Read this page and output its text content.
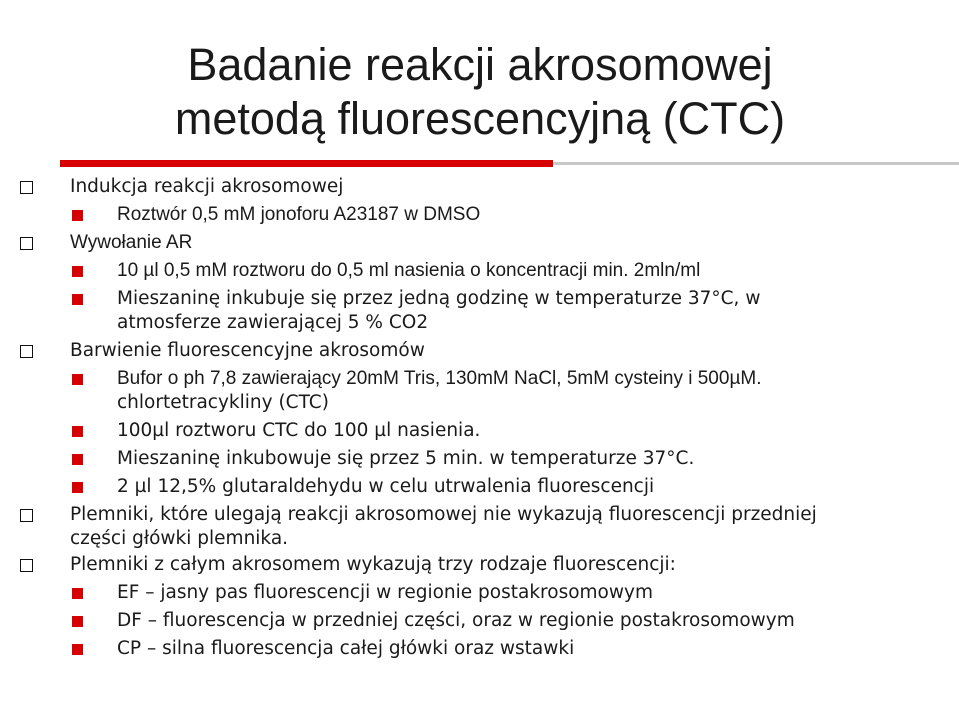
Badanie reakcji akrosomowej
metodą fluorescencyjną (CTC)
Indukcja reakcji akrosomowej
Roztwór 0,5 mM jonoforu A23187 w DMSO
Wywołanie AR
10 µl 0,5 mM roztworu do 0,5 ml nasienia o koncentracji min. 2mln/ml
Mieszaninę inkubuje się przez jedną godzinę w temperaturze 37°C, w
atmosferze zawierającej 5 % CO2
Barwienie fluorescencyjne akrosomów
Bufor o ph 7,8 zawierający 20mM Tris, 130mM NaCl, 5mM cysteiny i 500µM.
chlortetracykliny (CTC)
100µl roztworu CTC do 100 µl nasienia.
Mieszaninę inkubowuje się przez 5 min. w temperaturze 37°C.
2 µl 12,5% glutaraldehydu w celu utrwalenia fluorescencji
Plemniki, które ulegają reakcji akrosomowej nie wykazują fluorescencji przedniej
części główki plemnika.
Plemniki z całym akrosomem wykazują trzy rodzaje fluorescencji:
EF – jasny pas fluorescencji w regionie postakrosomowym
DF – fluorescencja w przedniej części, oraz w regionie postakrosomowym
CP – silna fluorescencja całej główki oraz wstawki
